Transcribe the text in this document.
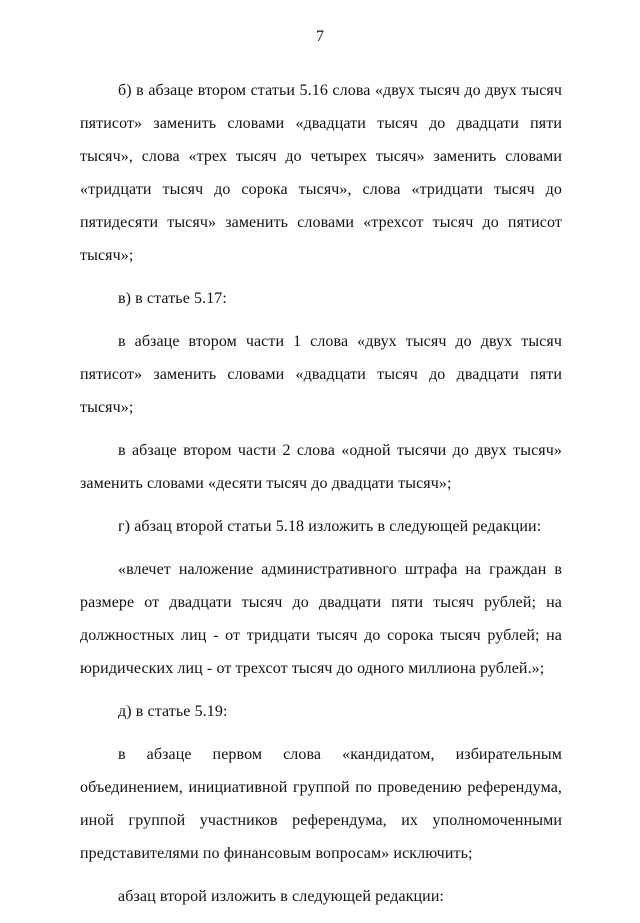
7

б) в абзаце втором статьи 5.16 слова «двух тысяч до двух тысяч пятисот» заменить словами «двадцати тысяч до двадцати пяти тысяч», слова «трех тысяч до четырех тысяч» заменить словами «тридцати тысяч до сорока тысяч», слова «тридцати тысяч до пятидесяти тысяч» заменить словами «трехсот тысяч до пятисот тысяч»;

в) в статье 5.17:

в абзаце втором части 1 слова «двух тысяч до двух тысяч пятисот» заменить словами «двадцати тысяч до двадцати пяти тысяч»;

в абзаце втором части 2 слова «одной тысячи до двух тысяч» заменить словами «десяти тысяч до двадцати тысяч»;

г) абзац второй статьи 5.18 изложить в следующей редакции:

«влечет наложение административного штрафа на граждан в размере от двадцати тысяч до двадцати пяти тысяч рублей; на должностных лиц - от тридцати тысяч до сорока тысяч рублей; на юридических лиц - от трехсот тысяч до одного миллиона рублей.»;

д) в статье 5.19:

в абзаце первом слова «кандидатом, избирательным объединением, инициативной группой по проведению референдума, иной группой участников референдума, их уполномоченными представителями по финансовым вопросам» исключить;

абзац второй изложить в следующей редакции:
